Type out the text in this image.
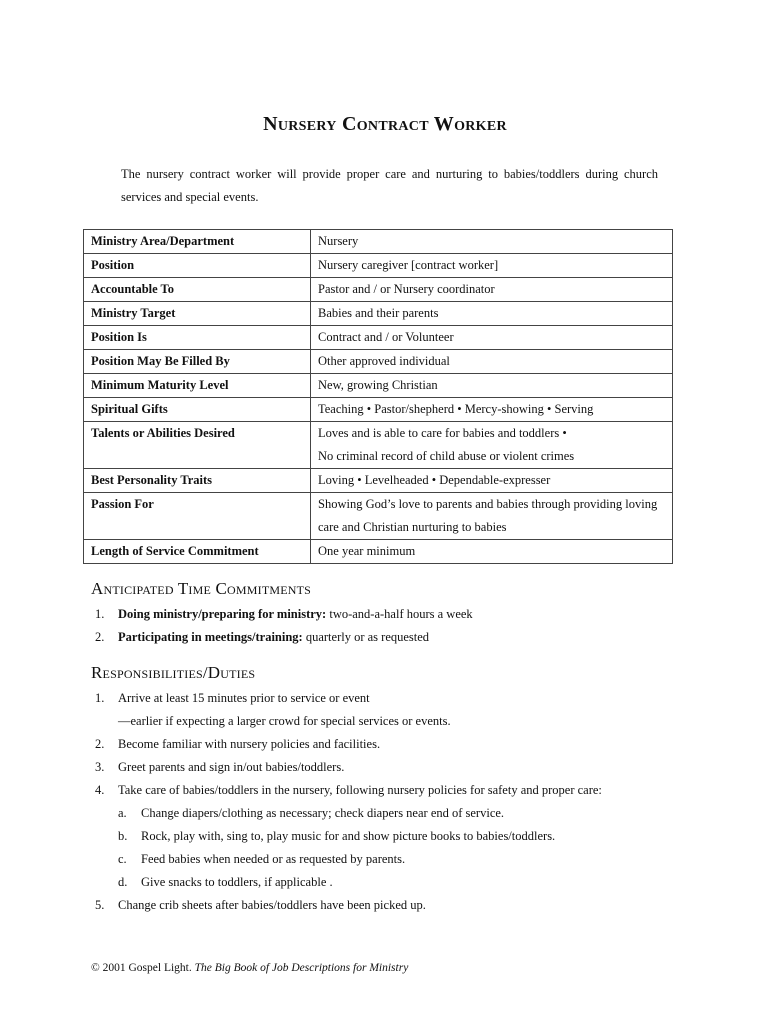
Nursery Contract Worker

The nursery contract worker will provide proper care and nurturing to babies/toddlers during church services and special events.

Ministry Area/Department	Nursery

Position	Nursery caregiver [contract worker]

Accountable To	Pastor and / or Nursery coordinator

Ministry Target	Babies and their parents

Position Is	Contract and / or Volunteer

Position May Be Filled By	Other approved individual

Minimum Maturity Level	New, growing Christian

Spiritual Gifts	Teaching • Pastor/shepherd • Mercy-showing • Serving

Talents or Abilities Desired	Loves and is able to care for babies and toddlers •
No criminal record of child abuse or violent crimes

Best Personality Traits	Loving • Levelheaded • Dependable-expresser

Passion For	Showing God’s love to parents and babies through providing loving
care and Christian nurturing to babies

Length of Service Commitment	One year minimum
Anticipated Time Commitments
1. Doing ministry/preparing for ministry: two-and-a-half hours a week
2. Participating in meetings/training: quarterly or as requested
Responsibilities/Duties
1. Arrive at least 15 minutes prior to service or event
—earlier if expecting a larger crowd for special services or events.
2. Become familiar with nursery policies and facilities.
3. Greet parents and sign in/out babies/toddlers.
4. Take care of babies/toddlers in the nursery, following nursery policies for safety and proper care:
a. Change diapers/clothing as necessary; check diapers near end of service.
b. Rock, play with, sing to, play music for and show picture books to babies/toddlers.
c. Feed babies when needed or as requested by parents.
d. Give snacks to toddlers, if applicable .
5. Change crib sheets after babies/toddlers have been picked up.

© 2001 Gospel Light. The Big Book of Job Descriptions for Ministry
